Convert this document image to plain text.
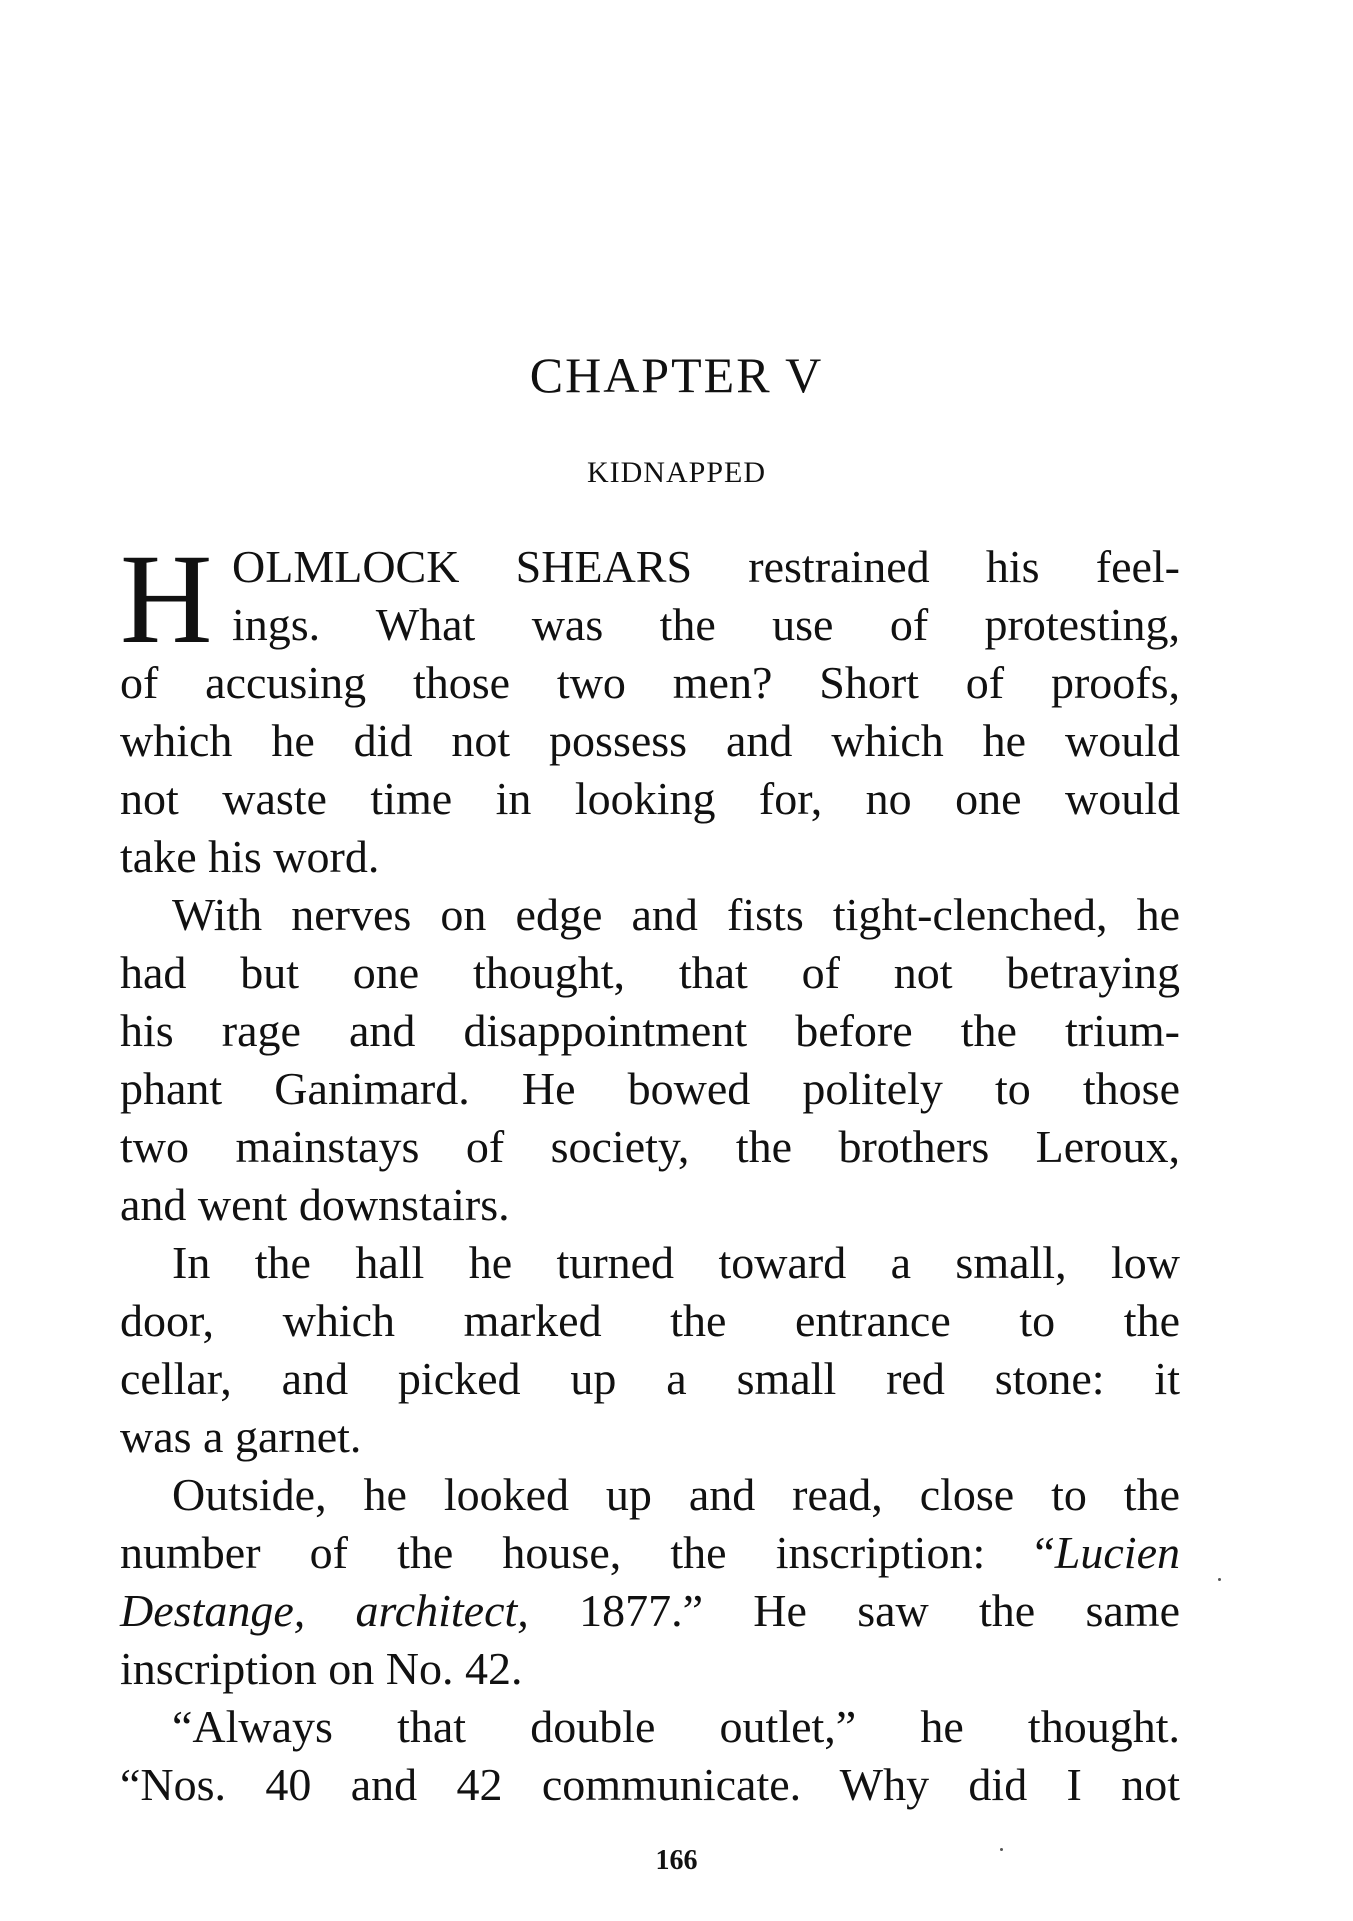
CHAPTER V
KIDNAPPED
H OLMLOCK SHEARS restrained his feel-
ings. What was the use of protesting,
of accusing those two men? Short of proofs,
which he did not possess and which he would
not waste time in looking for, no one would
take his word.
With nerves on edge and fists tight-clenched, he
had but one thought, that of not betraying
his rage and disappointment before the trium-
phant Ganimard. He bowed politely to those
two mainstays of society, the brothers Leroux,
and went downstairs.
In the hall he turned toward a small, low
door, which marked the entrance to the
cellar, and picked up a small red stone: it
was a garnet.
Outside, he looked up and read, close to the
number of the house, the inscription: “Lucien
Destange, architect, 1877.” He saw the same
inscription on No. 42.
“Always that double outlet,” he thought.
“Nos. 40 and 42 communicate. Why did I not
166
